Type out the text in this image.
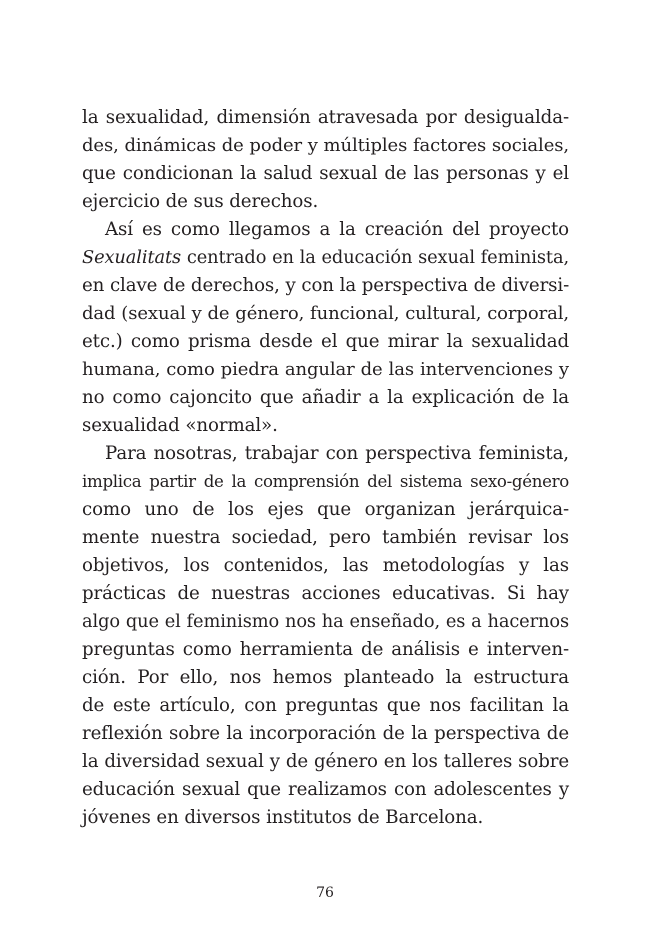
la sexualidad, dimensión atravesada por desigualda-
des, dinámicas de poder y múltiples factores sociales,
que condicionan la salud sexual de las personas y el
ejercicio de sus derechos.
Así es como llegamos a la creación del proyecto
Sexualitats centrado en la educación sexual feminista,
en clave de derechos, y con la perspectiva de diversi-
dad (sexual y de género, funcional, cultural, corporal,
etc.) como prisma desde el que mirar la sexualidad
humana, como piedra angular de las intervenciones y
no como cajoncito que añadir a la explicación de la
sexualidad «normal».
Para nosotras, trabajar con perspectiva feminista,
implica partir de la comprensión del sistema sexo-género
como uno de los ejes que organizan jerárquica-
mente nuestra sociedad, pero también revisar los
objetivos, los contenidos, las metodologías y las
prácticas de nuestras acciones educativas. Si hay
algo que el feminismo nos ha enseñado, es a hacernos
preguntas como herramienta de análisis e interven-
ción. Por ello, nos hemos planteado la estructura
de este artículo, con preguntas que nos facilitan la
reflexión sobre la incorporación de la perspectiva de
la diversidad sexual y de género en los talleres sobre
educación sexual que realizamos con adolescentes y
jóvenes en diversos institutos de Barcelona.
76
